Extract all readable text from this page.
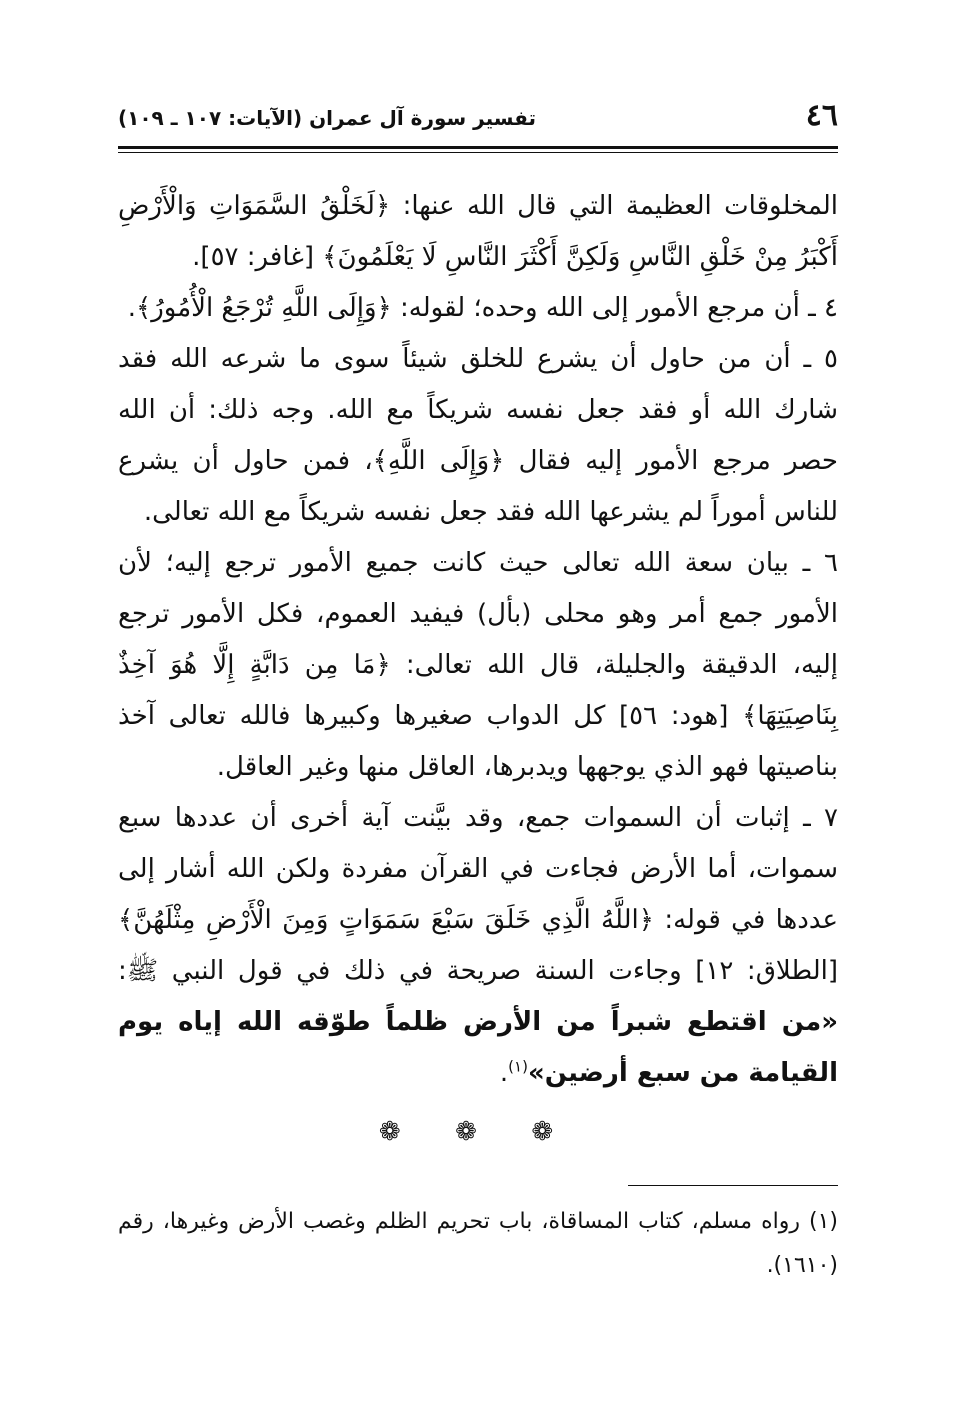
٤٦
تفسير سورة آل عمران (الآيات: ١٠٧ ـ ١٠٩)

المخلوقات العظيمة التي قال الله عنها: ﴿لَخَلْقُ السَّمَوَاتِ وَالْأَرْضِ أَكْبَرُ مِنْ خَلْقِ النَّاسِ وَلَكِنَّ أَكْثَرَ النَّاسِ لَا يَعْلَمُونَ﴾ [غافر: ٥٧].

٤ ـ أن مرجع الأمور إلى الله وحده؛ لقوله: ﴿وَإِلَى اللَّهِ تُرْجَعُ الْأُمُورُ﴾.

٥ ـ أن من حاول أن يشرع للخلق شيئاً سوى ما شرعه الله فقد شارك الله أو فقد جعل نفسه شريكاً مع الله. وجه ذلك: أن الله حصر مرجع الأمور إليه فقال ﴿وَإِلَى اللَّهِ﴾، فمن حاول أن يشرع للناس أموراً لم يشرعها الله فقد جعل نفسه شريكاً مع الله تعالى.

٦ ـ بيان سعة الله تعالى حيث كانت جميع الأمور ترجع إليه؛ لأن الأمور جمع أمر وهو محلى (بأل) فيفيد العموم، فكل الأمور ترجع إليه، الدقيقة والجليلة، قال الله تعالى: ﴿مَا مِن دَابَّةٍ إِلَّا هُوَ آخِذٌ بِنَاصِيَتِهَا﴾ [هود: ٥٦] كل الدواب صغيرها وكبيرها فالله تعالى آخذ بناصيتها فهو الذي يوجهها ويدبرها، العاقل منها وغير العاقل.

٧ ـ إثبات أن السموات جمع، وقد بيَّنت آية أخرى أن عددها سبع سموات، أما الأرض فجاءت في القرآن مفردة ولكن الله أشار إلى عددها في قوله: ﴿اللَّهُ الَّذِي خَلَقَ سَبْعَ سَمَوَاتٍ وَمِنَ الْأَرْضِ مِثْلَهُنَّ﴾ [الطلاق: ١٢] وجاءت السنة صريحة في ذلك في قول النبي ﷺ: «من اقتطع شبراً من الأرض ظلماً طوّقه الله إياه يوم القيامة من سبع أرضين»$^{(١)}$.

❁ ❁ ❁
(١) رواه مسلم، كتاب المساقاة، باب تحريم الظلم وغصب الأرض وغيرها، رقم (١٦١٠).
